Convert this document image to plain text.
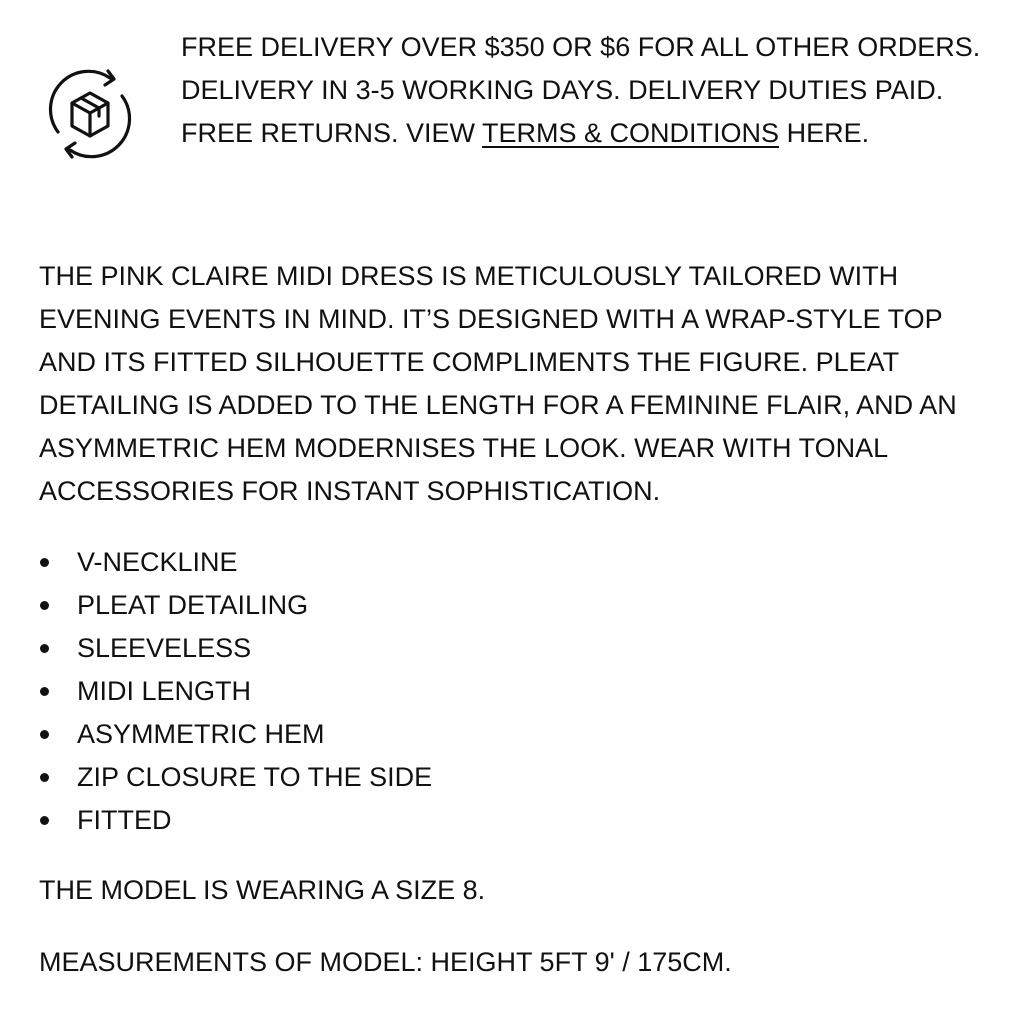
FREE DELIVERY OVER $350 OR $6 FOR ALL OTHER ORDERS. DELIVERY IN 3-5 WORKING DAYS. DELIVERY DUTIES PAID. FREE RETURNS. VIEW TERMS & CONDITIONS HERE.

THE PINK CLAIRE MIDI DRESS IS METICULOUSLY TAILORED WITH EVENING EVENTS IN MIND. IT’S DESIGNED WITH A WRAP-STYLE TOP AND ITS FITTED SILHOUETTE COMPLIMENTS THE FIGURE. PLEAT DETAILING IS ADDED TO THE LENGTH FOR A FEMININE FLAIR, AND AN ASYMMETRIC HEM MODERNISES THE LOOK. WEAR WITH TONAL ACCESSORIES FOR INSTANT SOPHISTICATION.

V-NECKLINE
PLEAT DETAILING
SLEEVELESS
MIDI LENGTH
ASYMMETRIC HEM
ZIP CLOSURE TO THE SIDE
FITTED

THE MODEL IS WEARING A SIZE 8.

MEASUREMENTS OF MODEL: HEIGHT 5FT 9' / 175CM.
